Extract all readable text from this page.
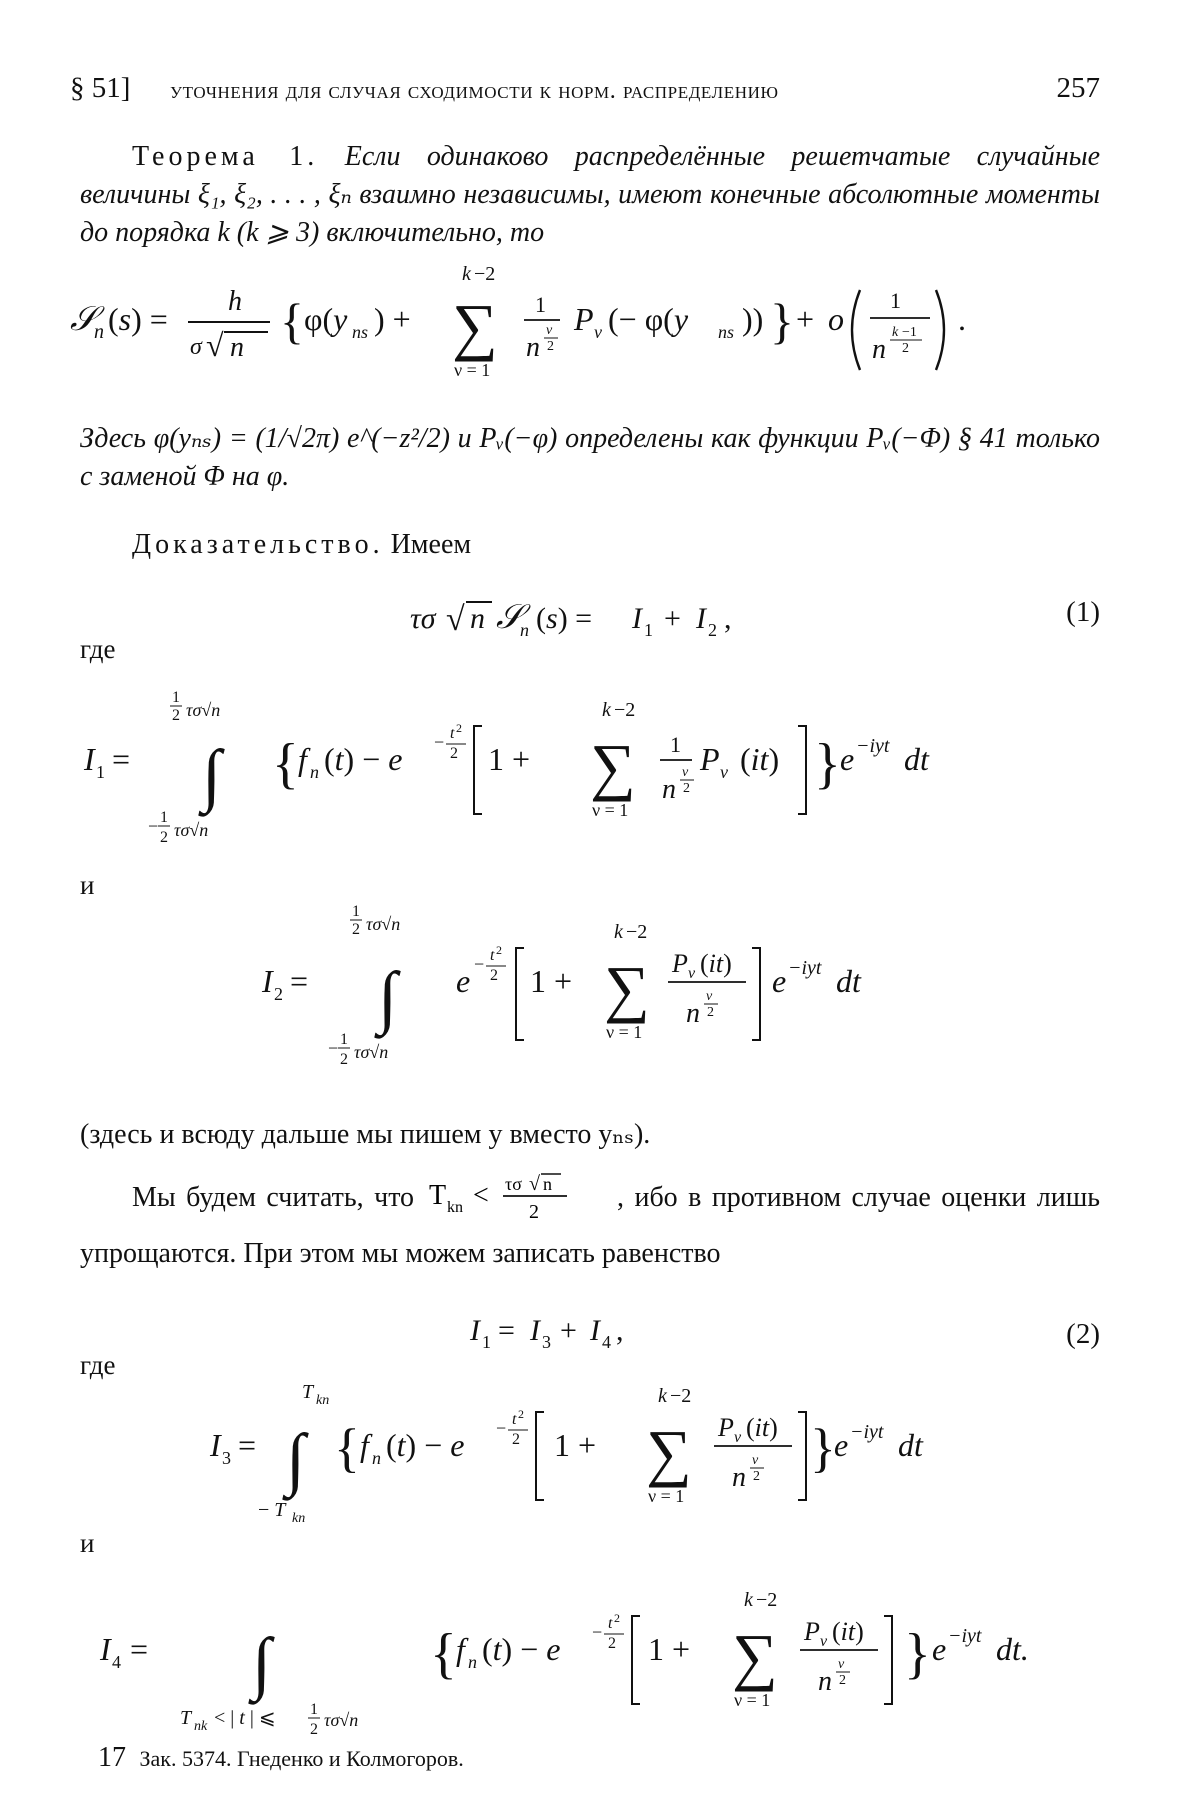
§ 51] уточнения для случая сходимости к норм. распределению	257
Теорема 1. Если одинаково распределённые решетчатые случайные величины ξ₁, ξ₂, . . . , ξₙ взаимно независимы, имеют конечные абсолютные моменты до порядка k (k ⩾ 3) включительно, то
𝒮
n (s) = h
σ √ n { φ(y ns ) +
k −2
∑
ν = 1
1
n
ν
2
P ν (− φ(y ns )) } + o
1
n
k −1
2
.
Здесь φ(yₙₛ) = (1/√2π) e^(−z²/2) и Pᵥ(−φ) определены как функции Pᵥ(−Φ) § 41 только с заменой Φ на φ.
Доказательство. Имеем
τσ √ n 𝒮
n (s) = I 1 + I 2 ,	(1)
где
I 1 =
1
2 τσ√n
∫
− 1
2 τσ√n
{ f n (t) − e − t 2
2 1 +
k −2
∑
ν = 1
1
n
ν
2
P ν (it) } e −iyt dt
и
I 2 =
1
2 τσ√n
∫
− 1
2 τσ√n
e − t 2
2 1 +
k −2
∑
ν = 1
P ν (it)
n
ν
2
e −iyt dt
(здесь и всюду дальше мы пишем y вместо yₙₛ).
Мы будем считать, что T kn < τσ √ n
2	, ибо в противном случае оценки лишь упрощаются. При этом мы можем записать равенство
I 1 = I 3 + I 4 ,	(2)
где
I 3 =
T kn
∫
− T kn
{ f n (t) − e − t 2
2 1 +
k −2
∑
ν = 1
P ν (it)
n
ν
2 }
e −iyt dt
и
I 4 = ∫
T nk < | t | ⩽ 1
2 τσ√n
{ f n (t) − e − t 2
2 1 +
k −2
∑
ν = 1
P ν (it)
n
ν
2 } e −iyt dt.
17 Зак. 5374. Гнеденко и Колмогоров.
